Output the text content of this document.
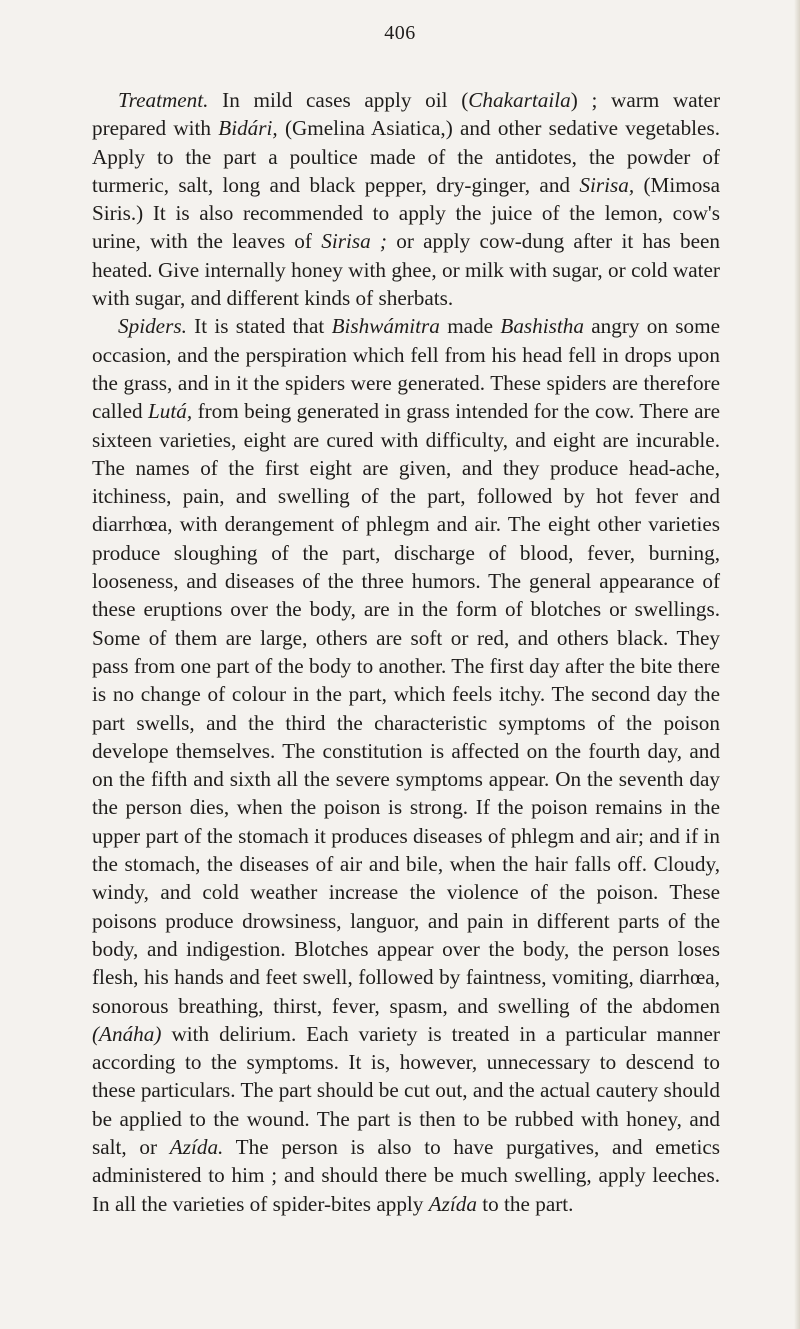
406

Treatment. In mild cases apply oil (Chakartaila) ; warm water prepared with Bidári, (Gmelina Asiatica,) and other sedative vegetables. Apply to the part a poultice made of the antidotes, the powder of turmeric, salt, long and black pepper, dry-ginger, and Sirisa, (Mimosa Siris.) It is also recommended to apply the juice of the lemon, cow's urine, with the leaves of Sirisa ; or apply cow-dung after it has been heated. Give internally honey with ghee, or milk with sugar, or cold water with sugar, and different kinds of sherbats.

Spiders. It is stated that Bishwámitra made Bashistha angry on some occasion, and the perspiration which fell from his head fell in drops upon the grass, and in it the spiders were generated. These spiders are therefore called Lutá, from being generated in grass intended for the cow. There are sixteen varieties, eight are cured with difficulty, and eight are incurable. The names of the first eight are given, and they produce head-ache, itchiness, pain, and swelling of the part, followed by hot fever and diarrhœa, with derangement of phlegm and air. The eight other varieties produce sloughing of the part, discharge of blood, fever, burning, looseness, and diseases of the three humors. The general appearance of these eruptions over the body, are in the form of blotches or swellings. Some of them are large, others are soft or red, and others black. They pass from one part of the body to another. The first day after the bite there is no change of colour in the part, which feels itchy. The second day the part swells, and the third the characteristic symptoms of the poison develope themselves. The constitution is affected on the fourth day, and on the fifth and sixth all the severe symptoms appear. On the seventh day the person dies, when the poison is strong. If the poison remains in the upper part of the stomach it produces diseases of phlegm and air; and if in the stomach, the diseases of air and bile, when the hair falls off. Cloudy, windy, and cold weather increase the violence of the poison. These poisons produce drowsiness, languor, and pain in different parts of the body, and indigestion. Blotches appear over the body, the person loses flesh, his hands and feet swell, followed by faintness, vomiting, diarrhœa, sonorous breathing, thirst, fever, spasm, and swelling of the abdomen (Anáha) with delirium. Each variety is treated in a particular manner according to the symptoms. It is, however, unnecessary to descend to these particulars. The part should be cut out, and the actual cautery should be applied to the wound. The part is then to be rubbed with honey, and salt, or Azída. The person is also to have purgatives, and emetics administered to him ; and should there be much swelling, apply leeches. In all the varieties of spider-bites apply Azída to the part.
